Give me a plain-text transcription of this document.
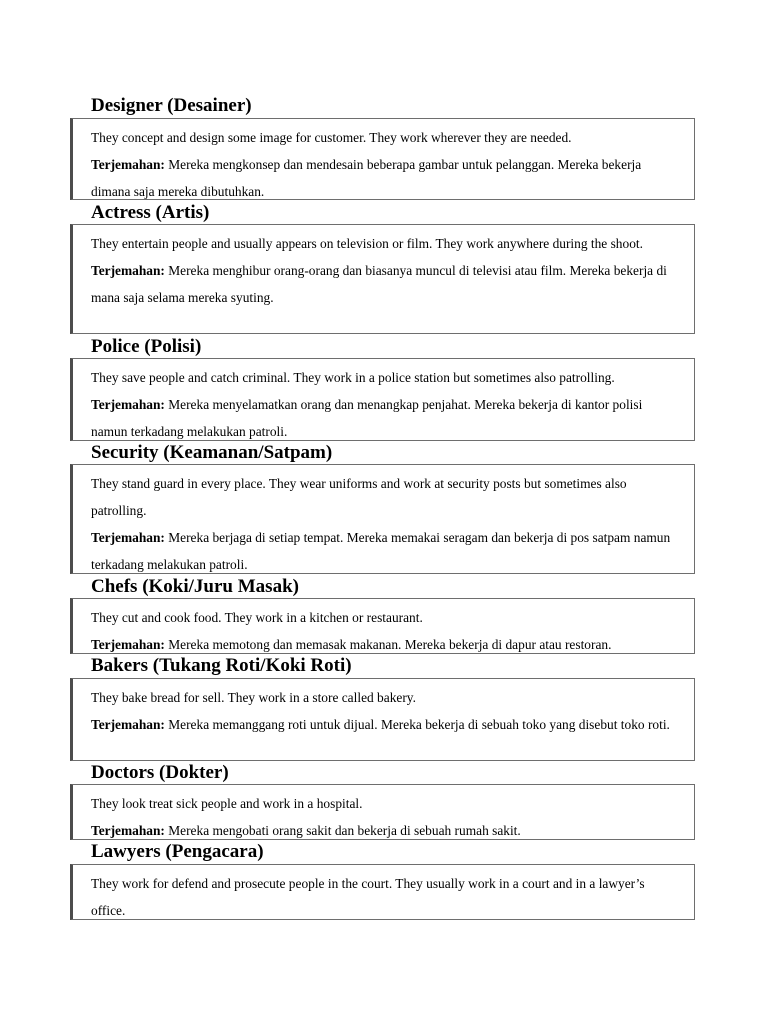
Designer (Desainer)

They concept and design some image for customer. They work wherever they are needed.

Terjemahan: Mereka mengkonsep dan mendesain beberapa gambar untuk pelanggan. Mereka bekerja dimana saja mereka dibutuhkan.

Actress (Artis)

They entertain people and usually appears on television or film. They work anywhere during the shoot.

Terjemahan: Mereka menghibur orang-orang dan biasanya muncul di televisi atau film. Mereka bekerja di mana saja selama mereka syuting.

Police (Polisi)

They save people and catch criminal. They work in a police station but sometimes also patrolling.

Terjemahan: Mereka menyelamatkan orang dan menangkap penjahat. Mereka bekerja di kantor polisi namun terkadang melakukan patroli.

Security (Keamanan/Satpam)

They stand guard in every place. They wear uniforms and work at security posts but sometimes also patrolling.

Terjemahan: Mereka berjaga di setiap tempat. Mereka memakai seragam dan bekerja di pos satpam namun terkadang melakukan patroli.

Chefs (Koki/Juru Masak)

They cut and cook food. They work in a kitchen or restaurant.

Terjemahan: Mereka memotong dan memasak makanan. Mereka bekerja di dapur atau restoran.

Bakers (Tukang Roti/Koki Roti)

They bake bread for sell. They work in a store called bakery.

Terjemahan: Mereka memanggang roti untuk dijual. Mereka bekerja di sebuah toko yang disebut toko roti.

Doctors (Dokter)

They look treat sick people and work in a hospital.

Terjemahan: Mereka mengobati orang sakit dan bekerja di sebuah rumah sakit.

Lawyers (Pengacara)

They work for defend and prosecute people in the court. They usually work in a court and in a lawyer’s office.
